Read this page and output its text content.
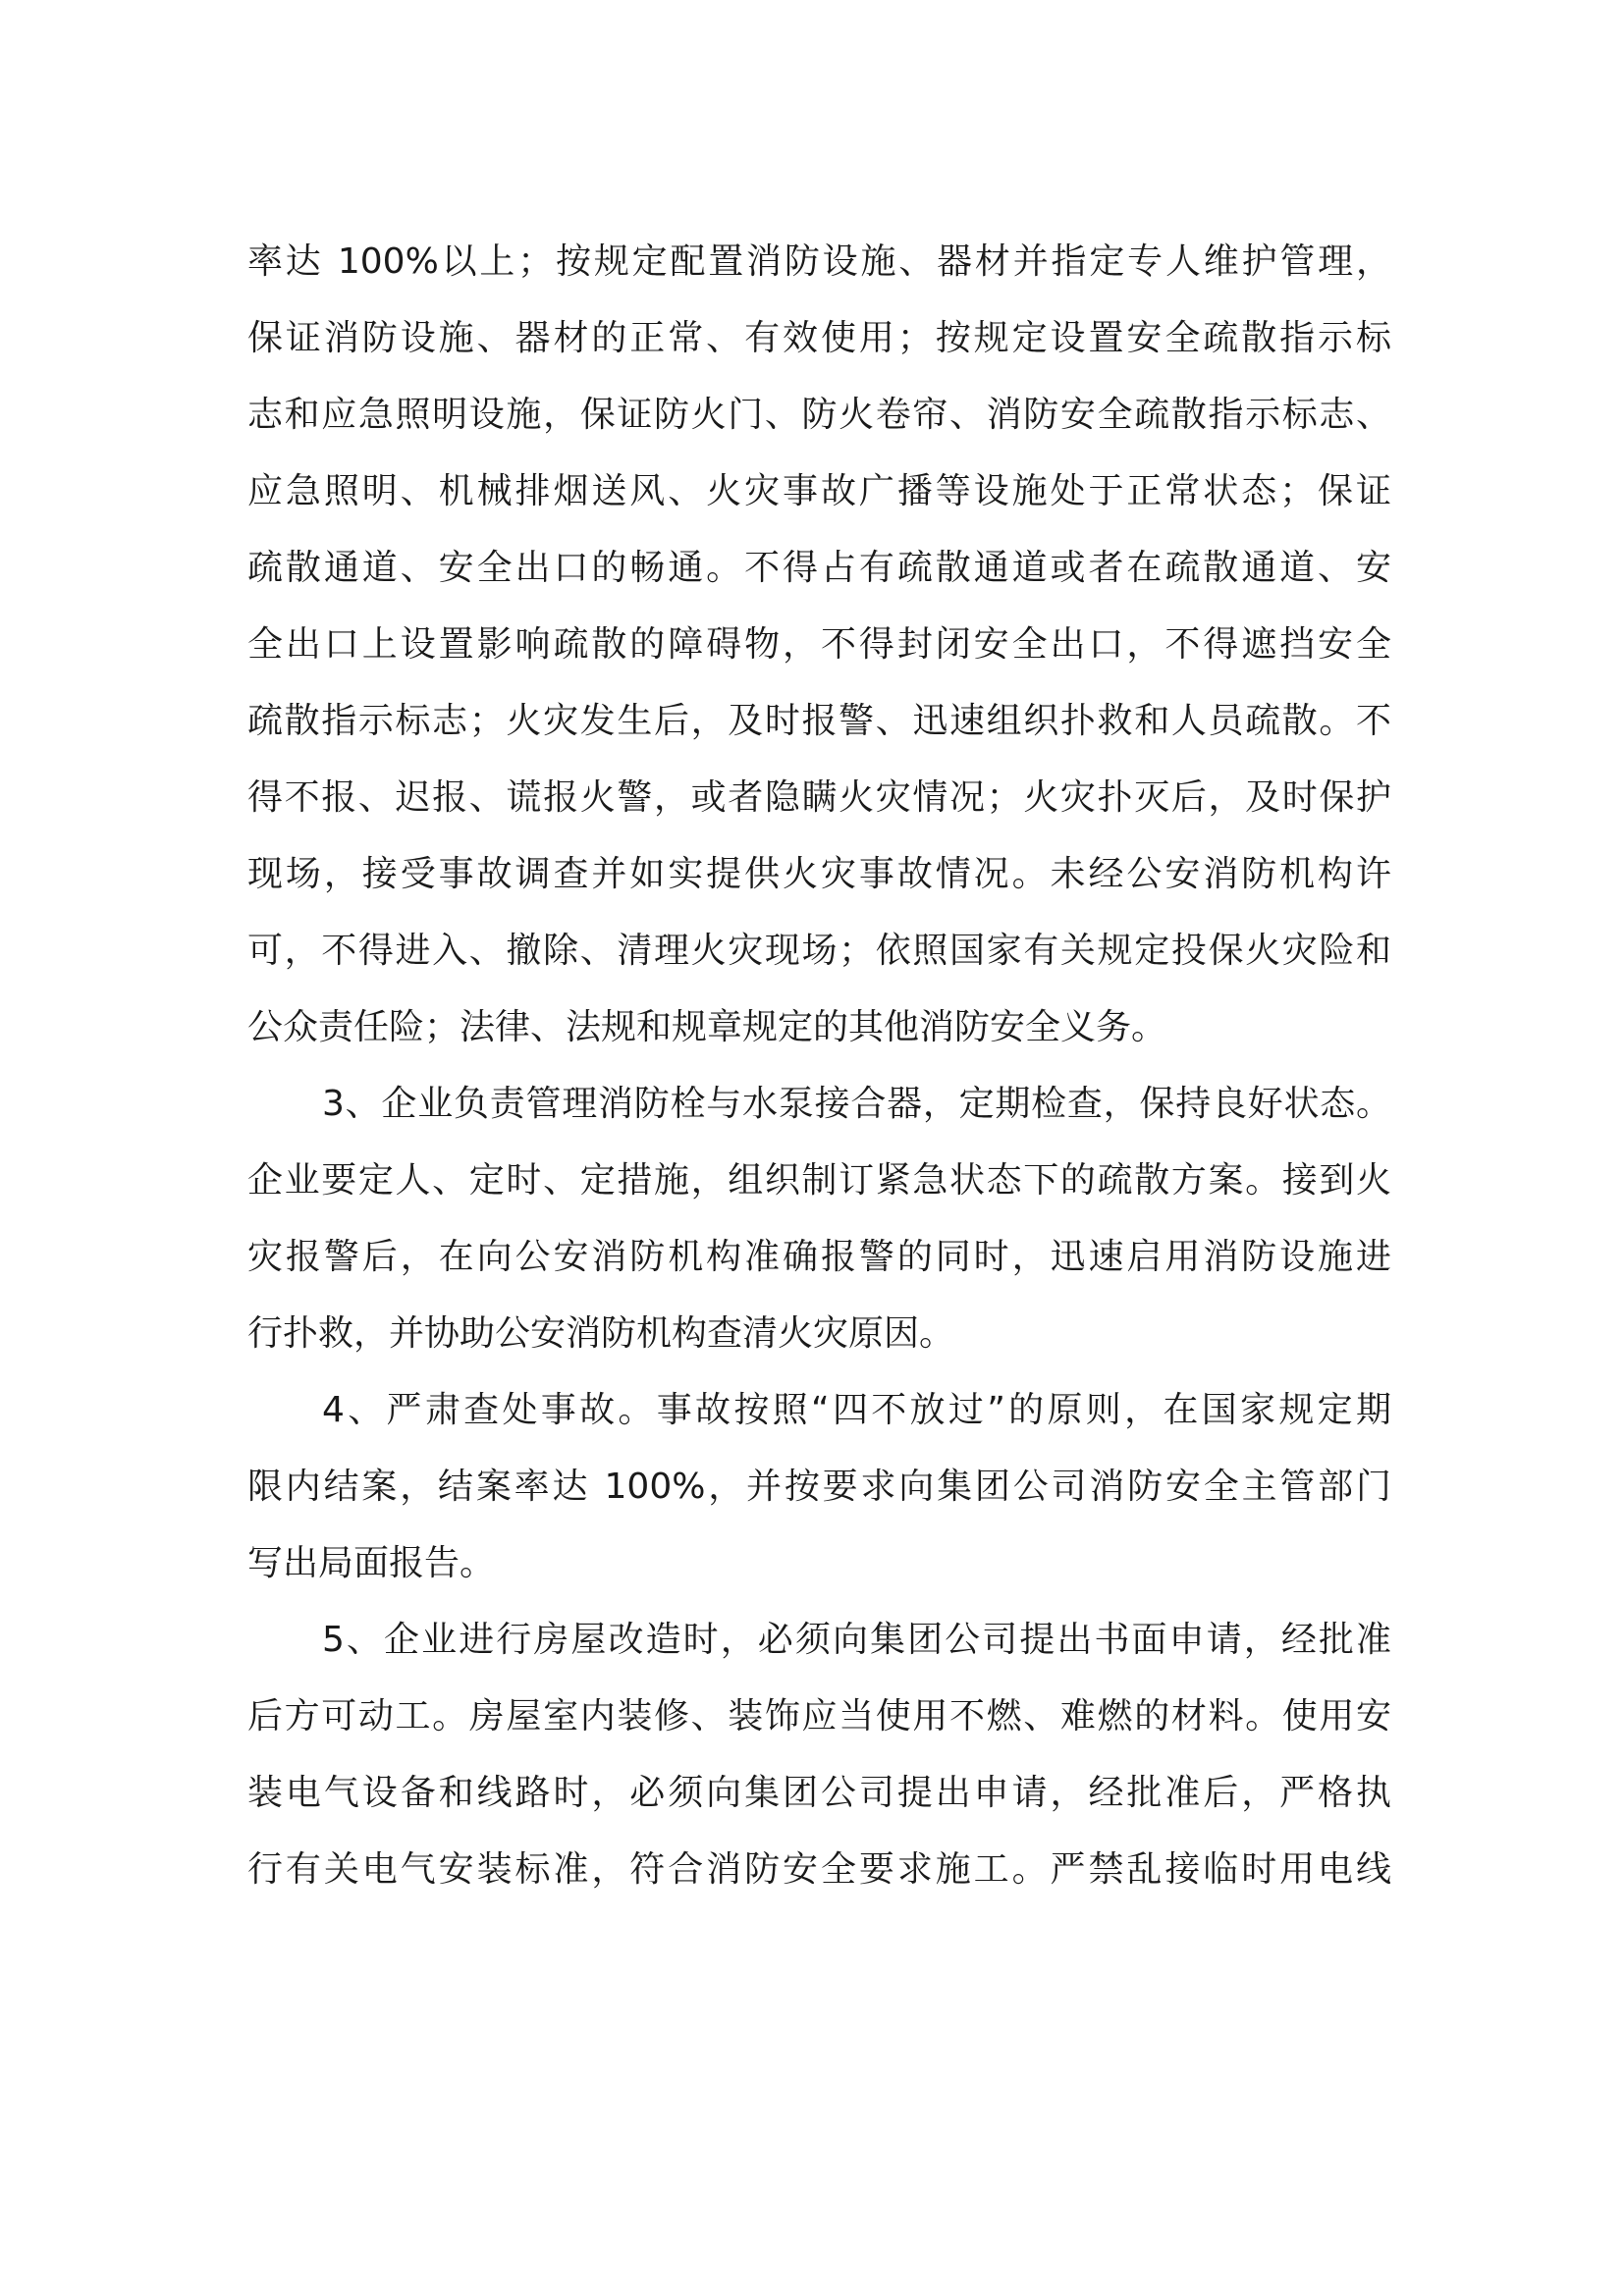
率达 100%以上；按规定配置消防设施、器材并指定专人维护管理，
保证消防设施、器材的正常、有效使用；按规定设置安全疏散指示标
志和应急照明设施，保证防火门、防火卷帘、消防安全疏散指示标志、
应急照明、机械排烟送风、火灾事故广播等设施处于正常状态；保证
疏散通道、安全出口的畅通。不得占有疏散通道或者在疏散通道、安
全出口上设置影响疏散的障碍物，不得封闭安全出口，不得遮挡安全
疏散指示标志；火灾发生后，及时报警、迅速组织扑救和人员疏散。不
得不报、迟报、谎报火警，或者隐瞒火灾情况；火灾扑灭后，及时保护
现场，接受事故调查并如实提供火灾事故情况。未经公安消防机构许
可，不得进入、撤除、清理火灾现场；依照国家有关规定投保火灾险和
公众责任险；法律、法规和规章规定的其他消防安全义务。
3、企业负责管理消防栓与水泵接合器，定期检查，保持良好状态。
企业要定人、定时、定措施，组织制订紧急状态下的疏散方案。接到火
灾报警后，在向公安消防机构准确报警的同时，迅速启用消防设施进
行扑救，并协助公安消防机构查清火灾原因。
4、严肃查处事故。事故按照“四不放过”的原则，在国家规定期
限内结案，结案率达 100%，并按要求向集团公司消防安全主管部门
写出局面报告。
5、企业进行房屋改造时，必须向集团公司提出书面申请，经批准
后方可动工。房屋室内装修、装饰应当使用不燃、难燃的材料。使用安
装电气设备和线路时，必须向集团公司提出申请，经批准后，严格执
行有关电气安装标准，符合消防安全要求施工。严禁乱接临时用电线
